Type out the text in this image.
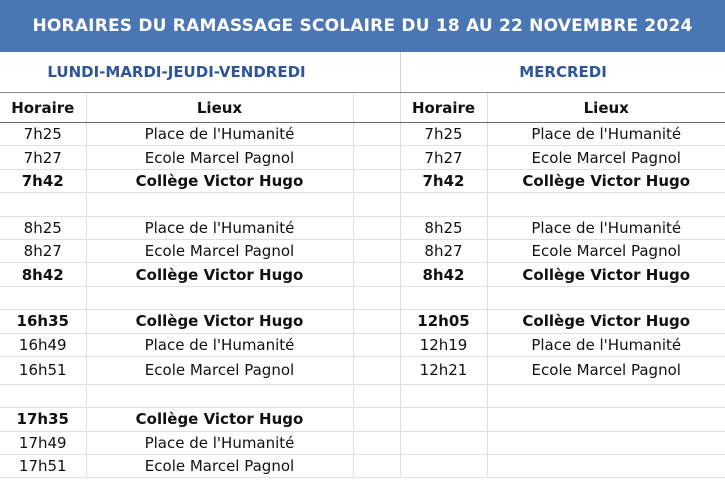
HORAIRES DU RAMASSAGE SCOLAIRE DU 18 AU 22 NOVEMBRE 2024
LUNDI-MARDI-JEUDI-VENDREDI	MERCREDI
Horaire	Lieux		Horaire	Lieux
7h25	Place de l'Humanité		7h25	Place de l'Humanité
7h27	Ecole Marcel Pagnol		7h27	Ecole Marcel Pagnol
7h42	Collège Victor Hugo		7h42	Collège Victor Hugo

8h25	Place de l'Humanité		8h25	Place de l'Humanité
8h27	Ecole Marcel Pagnol		8h27	Ecole Marcel Pagnol
8h42	Collège Victor Hugo		8h42	Collège Victor Hugo

16h35	Collège Victor Hugo		12h05	Collège Victor Hugo
16h49	Place de l'Humanité		12h19	Place de l'Humanité
16h51	Ecole Marcel Pagnol		12h21	Ecole Marcel Pagnol

17h35	Collège Victor Hugo			
17h49	Place de l'Humanité			
17h51	Ecole Marcel Pagnol			
